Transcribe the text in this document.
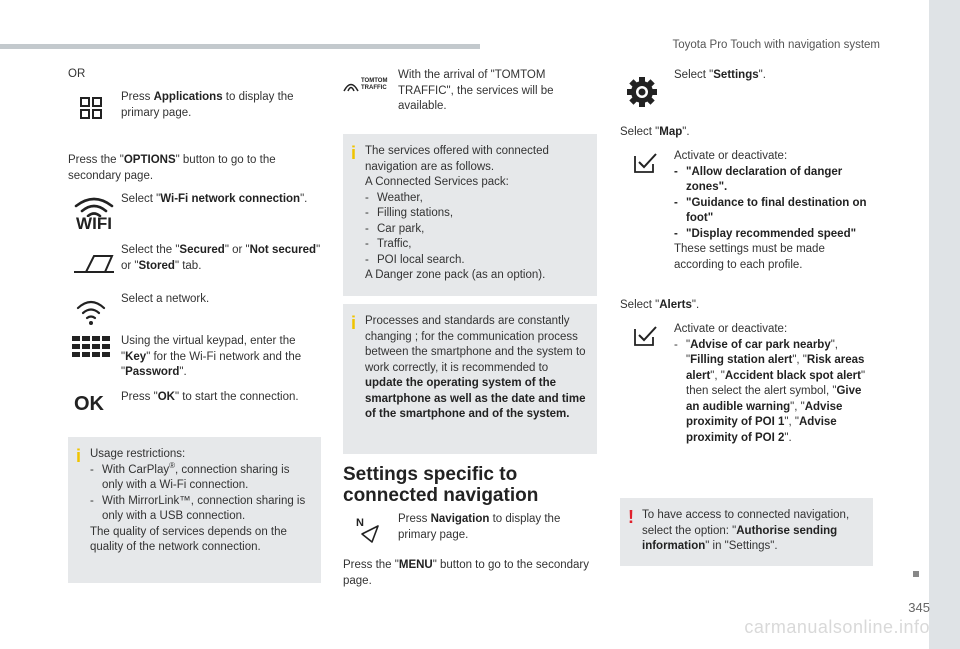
Toyota Pro Touch with navigation system
345
carmanualsonline.info
OR
Press Applications to display the primary page.
Press the "OPTIONS" button to go to the secondary page.
WIFI
Select "Wi-Fi network connection".
Select the "Secured" or "Not secured" or "Stored" tab.
Select a network.
Using the virtual keypad, enter the "Key" for the Wi-Fi network and the "Password".
OK Press "OK" to start the connection.
i Usage restrictions:
- With CarPlay®, connection sharing is only with a Wi-Fi connection.
- With MirrorLink™, connection sharing is only with a USB connection.
The quality of services depends on the quality of the network connection.
TOMTOM
TRAFFIC
With the arrival of "TOMTOM TRAFFIC", the services will be available.
i The services offered with connected navigation are as follows.
A Connected Services pack:
- Weather,
- Filling stations,
- Car park,
- Traffic,
- POI local search.
A Danger zone pack (as an option).
i Processes and standards are constantly changing ; for the communication process between the smartphone and the system to work correctly, it is recommended to update the operating system of the smartphone as well as the date and time of the smartphone and of the system.
Settings specific to connected navigation
N	Press Navigation to display the primary page.
Press the "MENU" button to go to the secondary page.
Select "Settings".
Select "Map".
Activate or deactivate:
- "Allow declaration of danger zones".
- "Guidance to final destination on foot"
- "Display recommended speed"
These settings must be made according to each profile.
Select "Alerts".
Activate or deactivate:
- "Advise of car park nearby", "Filling station alert", "Risk areas alert", "Accident black spot alert" then select the alert symbol, "Give an audible warning", "Advise proximity of POI 1", "Advise proximity of POI 2".
! To have access to connected navigation, select the option: "Authorise sending information" in "Settings".
